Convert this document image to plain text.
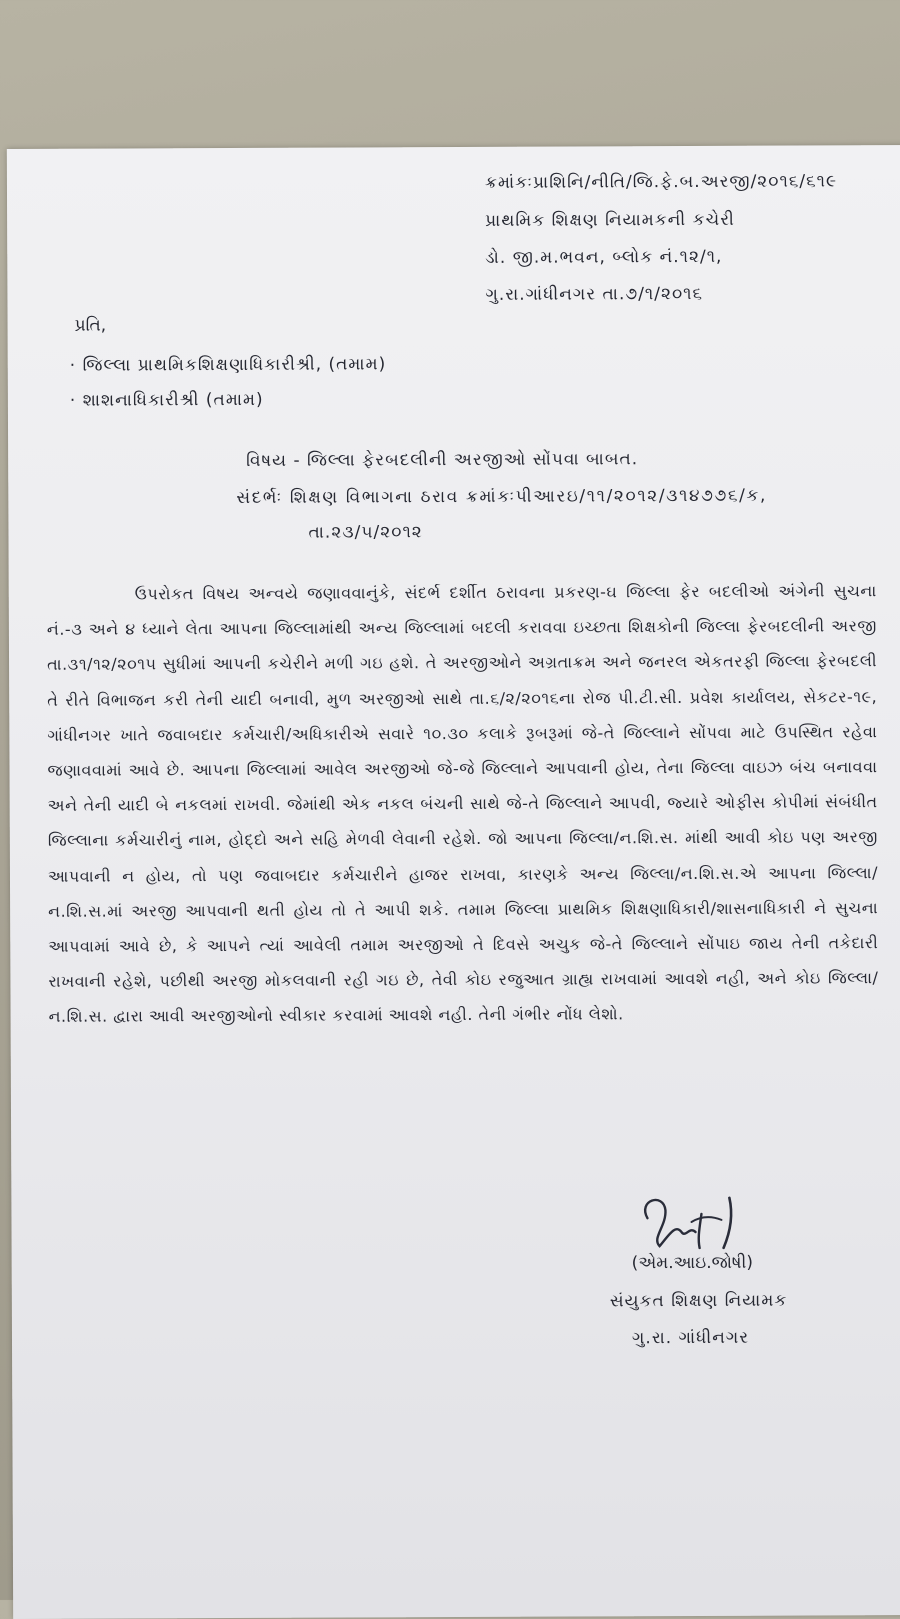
ક્રમાંકઃપ્રાશિનિ/નીતિ/જિ.ફે.બ.અરજી/૨૦૧૬/૬૧૯
પ્રાથમિક શિક્ષણ નિયામકની કચેરી
ડો. જી.મ.ભવન, બ્લોક નં.૧૨/૧,
ગુ.રા.ગાંધીનગર તા.૭/૧/૨૦૧૬
પ્રતિ,
· જિલ્લા પ્રાથમિકશિક્ષણાધિકારીશ્રી, (તમામ)
· શાશનાધિકારીશ્રી (તમામ)
વિષય - જિલ્લા ફેરબદલીની અરજીઓ સોંપવા બાબત.
સંદર્ભઃ શિક્ષણ વિભાગના ઠરાવ ક્રમાંકઃપીઆરઇ/૧૧/૨૦૧૨/૩૧૪૭૭૬/ક,
તા.૨૩/૫/૨૦૧૨
ઉપરોકત વિષય અન્વયે જણાવવાનુંકે, સંદર્ભ દર્શીત ઠરાવના પ્રકરણ-ઘ જિલ્લા ફેર બદલીઓ અંગેની સુચના નં.-૩ અને ૪ ધ્યાને લેતા આપના જિલ્લામાંથી અન્ય જિલ્લામાં બદલી કરાવવા ઇચ્છતા શિક્ષકોની જિલ્લા ફેરબદલીની અરજી તા.૩૧/૧૨/૨૦૧૫ સુધીમાં આપની કચેરીને મળી ગઇ હશે. તે અરજીઓને અગ્રતાક્રમ અને જનરલ એકતરફી જિલ્લા ફેરબદલી તે રીતે વિભાજન કરી તેની યાદી બનાવી, મુળ અરજીઓ સાથે તા.૬/૨/૨૦૧૬ના રોજ પી.ટી.સી. પ્રવેશ કાર્યાલય, સેકટર-૧૯, ગાંધીનગર ખાતે જવાબદાર કર્મચારી/અધિકારીએ સવારે ૧૦.૩૦ કલાકે રૂબરૂમાં જે-તે જિલ્લાને સોંપવા માટે ઉપસ્થિત રહેવા જણાવવામાં આવે છે. આપના જિલ્લામાં આવેલ અરજીઓ જે-જે જિલ્લાને આપવાની હોય, તેના જિલ્લા વાઇઝ બંચ બનાવવા અને તેની યાદી બે નકલમાં રાખવી. જેમાંથી એક નકલ બંચની સાથે જે-તે જિલ્લાને આપવી, જ્યારે ઓફીસ કોપીમાં સંબંધીત જિલ્લાના કર્મચારીનું નામ, હોદ્દો અને સહિ મેળવી લેવાની રહેશે. જો આપના જિલ્લા/ન.શિ.સ. માંથી આવી કોઇ પણ અરજી આપવાની ન હોય, તો પણ જવાબદાર કર્મચારીને હાજર રાખવા, કારણકે અન્ય જિલ્લા/ન.શિ.સ.એ આપના જિલ્લા/ન.શિ.સ.માં અરજી આપવાની થતી હોય તો તે આપી શકે. તમામ જિલ્લા પ્રાથમિક શિક્ષણાધિકારી/શાસનાધિકારી ને સુચના આપવામાં આવે છે, કે આપને ત્યાં આવેલી તમામ અરજીઓ તે દિવસે અચુક જે-તે જિલ્લાને સોંપાઇ જાય તેની તકેદારી રાખવાની રહેશે, પછીથી અરજી મોકલવાની રહી ગઇ છે, તેવી કોઇ રજુઆત ગ્રાહ્ય રાખવામાં આવશે નહી, અને કોઇ જિલ્લા/ન.શિ.સ. દ્વારા આવી અરજીઓનો સ્વીકાર કરવામાં આવશે નહી. તેની ગંભીર નોંધ લેશો.
(એમ.આઇ.જોષી)
સંયુકત શિક્ષણ નિયામક
ગુ.રા. ગાંધીનગર
